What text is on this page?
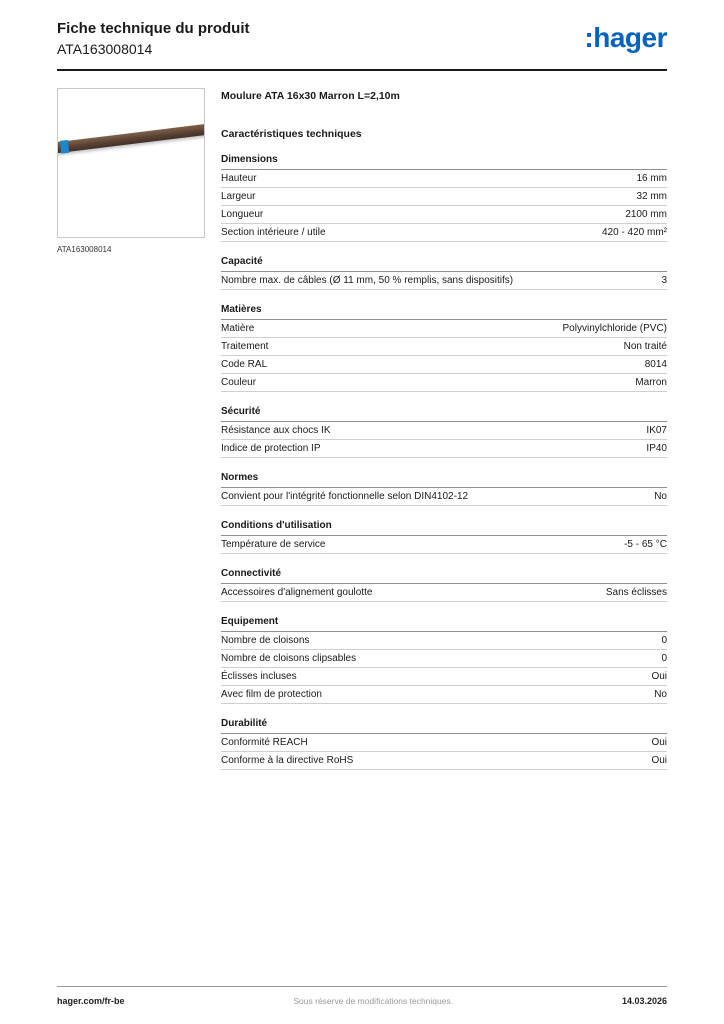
Fiche technique du produit
ATA163008014	:hager
ATA163008014
Moulure ATA 16x30 Marron L=2,10m
Caractéristiques techniques
Dimensions
Hauteur	16 mm
Largeur	32 mm
Longueur	2100 mm
Section intérieure / utile	420 - 420 mm²
Capacité
Nombre max. de câbles (Ø 11 mm, 50 % remplis, sans dispositifs)	3
Matières
Matière	Polyvinylchloride (PVC)
Traitement	Non traité
Code RAL	8014
Couleur	Marron
Sécurité
Résistance aux chocs IK	IK07
Indice de protection IP	IP40
Normes
Convient pour l'intégrité fonctionnelle selon DIN4102-12	No
Conditions d'utilisation
Température de service	-5 - 65 °C
Connectivité
Accessoires d'alignement goulotte	Sans éclisses
Equipement
Nombre de cloisons	0
Nombre de cloisons clipsables	0
Éclisses incluses	Oui
Avec film de protection	No
Durabilité
Conformité REACH	Oui
Conforme à la directive RoHS	Oui
hager.com/fr-be	Sous réserve de modifications techniques.	14.03.2026
